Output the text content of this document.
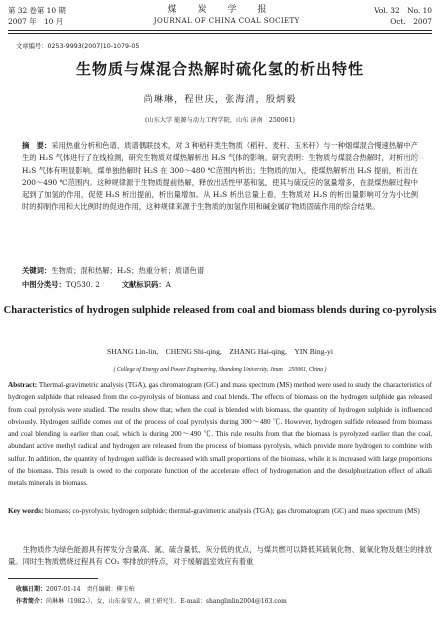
第 32 卷第 10 期	煤　炭　学　报	Vol. 32　No. 10
2007 年　10 月	JOURNAL OF CHINA COAL SOCIETY	Oct.　2007
文章编号：0253-9993(2007)10-1079-05
生物质与煤混合热解时硫化氢的析出特性
尚琳琳，程世庆，张海清，殷炳毅
(山东大学 能源与动力工程学院，山东 济南　250061)
摘　要：采用热重分析和色谱、质谱偶联技术，对 3 种秸秆类生物质（稻秆、麦秆、玉米秆）与一种烟煤混合慢速热解中产生的 H₂S 气体进行了在线检测，研究生物质对煤热解析出 H₂S 气体的影响。研究表明：生物质与煤混合热解时，对析出的 H₂S 气体有明显影响。煤单独热解时 H₂S 在 300～480 ℃范围内析出；生物质的加入，使煤热解析出 H₂S 提前，析出在 200～490 ℃范围内。这种规律源于生物质提前热解，释放出活性甲基和氢，使其与硫反应的氢量增多，在混煤热解过程中起到了加氢的作用，促使 H₂S 析出提前，析出量增加。从 H₂S 析出总量上看，生物质对 H₂S 的析出量影响可分为小比例时的抑制作用和大比例时的促进作用，这种规律来源于生物质的加氢作用和碱金属矿物质固硫作用的综合结果。
关键词：生物质；混和热解；H₂S；热重分析；质谱色谱
中图分类号：TQ530. 2	文献标识码：A
Characteristics of hydrogen sulphide released from coal and biomass blends during co-pyrolysis
SHANG Lin-lin,　CHENG Shi-qing,　ZHANG Hai-qing,　YIN Bing-yi
( College of Energy and Power Engineering, Shandong University, Jinan　250061, China )
Abstract: Thermal-gravimetric analysis (TGA), gas chromatogram (GC) and mass spectrum (MS) method were used to study the characteristics of hydrogen sulphide that released from the co-pyrolysis of biomass and coal blends. The effects of biomass on the hydrogen sulphide gas released from coal pyrolysis were studied. The results show that; when the coal is blended with biomass, the quantity of hydrogen sulphide is influenced obviously. Hydrogen sulfide comes out of the process of coal pyrolysis during 300～480 ℃. However, hydrogen sulfide released from biomass and coal blending is earlier than coal, which is during 200～490 ℃. This rule results from that the biomass is pyrolyzed earlier than the coal, abundant active methyl radical and hydrogen are released from the process of biomass pyrolysis, which provide more hydrogen to combine with sulfur. In addition, the quantity of hydrogen sulfide is decreased with small proportions of the biomass, while it is increased with large proportions of the biomass. This result is owed to the corporate function of the accelerate effect of hydrogenation and the desulphurization effect of alkali metals minerals in biomass.
Key words: biomass; co-pyrolysis; hydrogen sulphide; thermal-gravimetric analysis (TGA); gas chromatogram (GC) and mass spectrum (MS)
生物质作为绿色能源具有挥发分含量高、氮、硫含量低、灰分低的优点，与煤共燃可以降低其硫氧化物、氮氧化物及烟尘的排放量。同时生物质燃烧过程具有 CO₂ 零排放的特点，对于缓解温室效应有着重
收稿日期：2007-01-14　责任编辑：柳玉柏
作者简介：尚琳琳（1982-），女，山东泰安人，硕士研究生．E-mail：shanglinlin2004@163.com
试读
